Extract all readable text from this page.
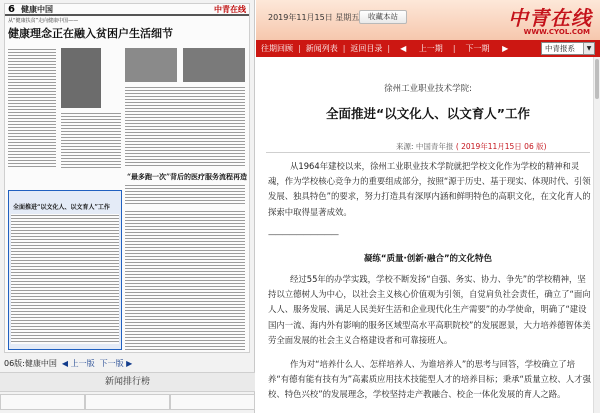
6 健康中国	中青在线
从“健康扶贫”走向健康中国——
健康理念正在融入贫困户生活细节
“最多跑一次”背后的医疗服务流程再造
全面推进“以文化人、以文育人”工作
06版:健康中国 ◀ 上一版 下一版 ▶
新闻排行榜
2019年11月15日 星期五	收藏本站	中青在线
WWW.CYOL.COM
往期回顾 | 新闻列表 | 返回目录 |	◀ 上一期	|	下一期 ▶	中青报系	▼
徐州工业职业技术学院:
全面推进“以文化人、以文育人”工作
来源: 中国青年报 ( 2019年11月15日 06 版)

从1964年建校以来，徐州工业职业技术学院就把学校文化作为学校的精神和灵魂，作为学校核心竞争力的重要组成部分，按照“源于历史、基于现实、体现时代、引领发展、独具特色”的要求，努力打造具有深厚内涵和鲜明特色的高职文化，在文化育人的探索中取得显著成效。

——————————
凝练“质量·创新·融合”的文化特色

经过55年的办学实践，学校不断发扬“自强、务实、协力、争先”的学校精神，坚持以立德树人为中心，以社会主义核心价值观为引领，自觉肩负社会责任，确立了“面向人人、服务发展、满足人民美好生活和企业现代化生产需要”的办学使命，明确了“建设国内一流、海内外有影响的服务区域型高水平高职院校”的发展愿景，大力培养德智体美劳全面发展的社会主义合格建设者和可靠接班人。

作为对“培养什么人、怎样培养人、为谁培养人”的思考与回答，学校确立了培养“有德有能有技有为”高素质应用技术技能型人才的培养目标；秉承“质量立校、人才强校、特色兴校”的发展理念，学校坚持走产教融合、校企一体化发展的育人之路。
